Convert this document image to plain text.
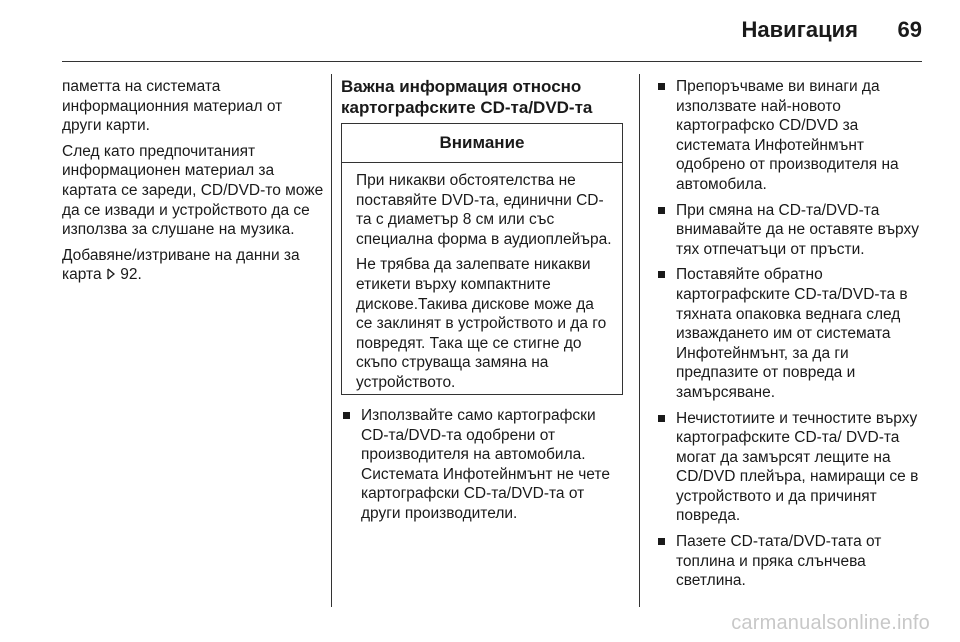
Навигация	69

паметта на системата информационния материал от други карти.

След като предпочитаният информационен материал за картата се зареди, CD/DVD-то може да се извади и устройството да се използва за слушане на музика.

Добавяне/изтриване на данни за карта 92.

Важна информация относно
картографските CD-та/DVD-та
Внимание

При никакви обстоятелства не поставяйте DVD-та, единични CD-та с диаметър 8 см или със специална форма в аудиоплейъра.

Не трябва да залепвате никакви етикети върху компактните дискове.Такива дискове може да се заклинят в устройството и да го повредят. Така ще се стигне до скъпо струваща замяна на устройството.

Използвайте само картографски CD-та/DVD-та одобрени от производителя на автомобила. Системата Инфотейнмънт не чете картографски CD-та/DVD-та от други производители.
Препоръчваме ви винаги да използвате най-новото картографско CD/DVD за системата Инфотейнмънт одобрено от производителя на автомобила.
При смяна на CD-та/DVD-та внимавайте да не оставяте върху тях отпечатъци от пръсти.
Поставяйте обратно картографските CD-та/DVD-та в тяхната опаковка веднага след изваждането им от системата Инфотейнмънт, за да ги предпазите от повреда и замърсяване.
Нечистотиите и течностите върху картографските CD-та/ DVD-та могат да замърсят лещите на CD/DVD плейъра, намиращи се в устройството и да причинят повреда.
Пазете CD-тата/DVD-тата от топлина и пряка слънчева светлина.
carmanualsonline.info
